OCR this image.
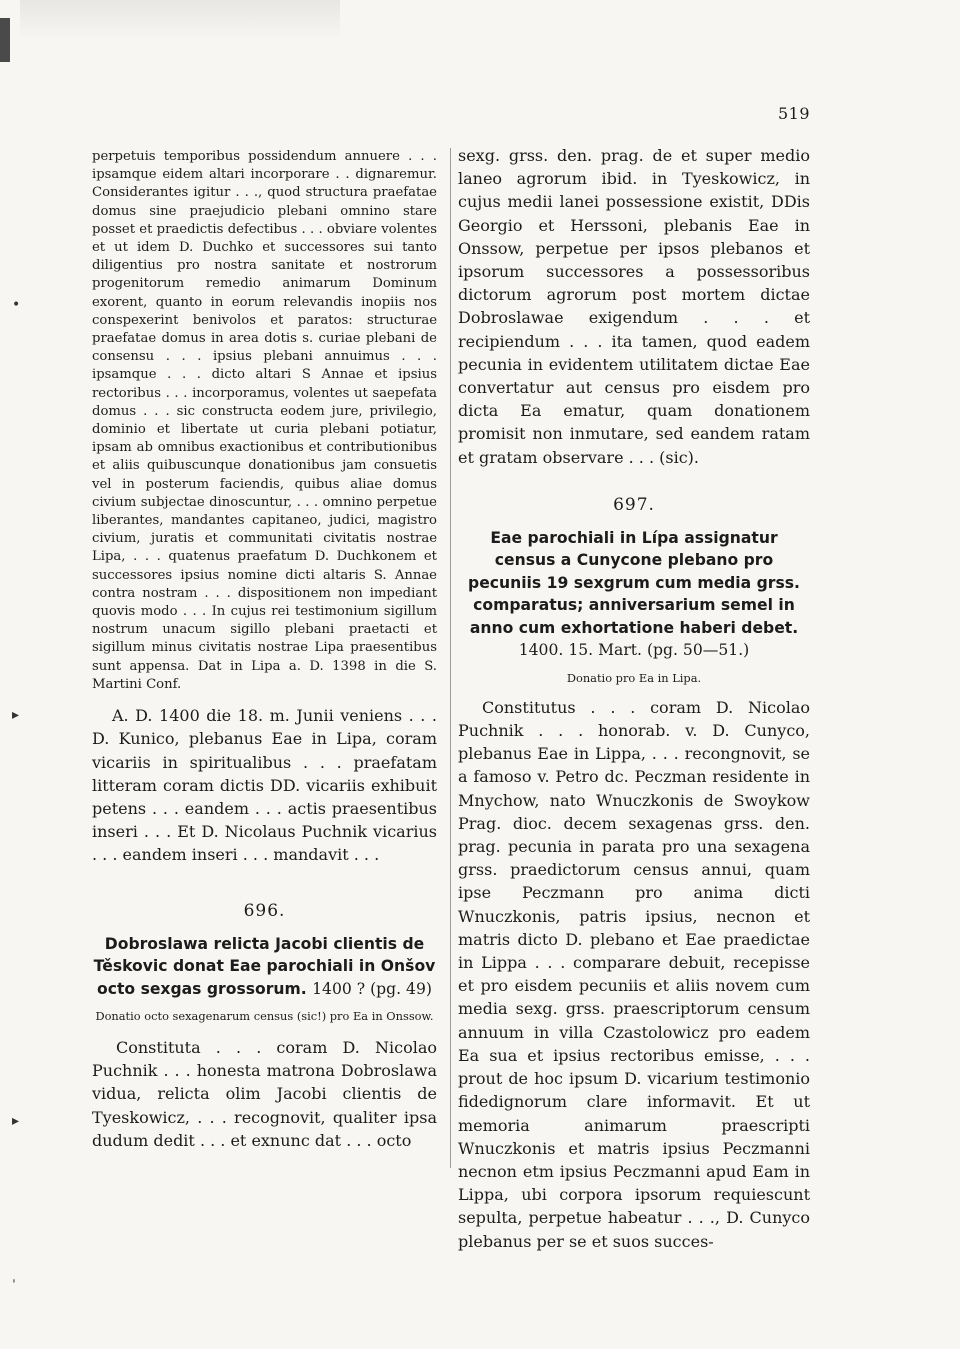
519
•
▸
▸
ˈ

perpetuis temporibus possidendum annuere . . . ipsamque eidem altari incorporare . . dignaremur. Considerantes igitur . . ., quod structura praefatae domus sine praejudicio plebani omnino stare posset et praedictis defectibus . . . obviare volentes et ut idem D. Duchko et successores sui tanto diligentius pro nostra sanitate et nostrorum progenitorum remedio animarum Dominum exorent, quanto in eorum relevandis inopiis nos conspexerint benivolos et paratos: structurae praefatae domus in area dotis s. curiae plebani de consensu . . . ipsius plebani annuimus . . . ipsamque . . . dicto altari S Annae et ipsius rectoribus . . . incorporamus, volentes ut saepefata domus . . . sic constructa eodem jure, privilegio, dominio et libertate ut curia plebani potiatur, ipsam ab omnibus exactionibus et contributionibus et aliis quibuscunque donationibus jam consuetis vel in posterum faciendis, quibus aliae domus civium subjectae dinoscuntur, . . . omnino perpetue liberantes, mandantes capitaneo, judici, magistro civium, juratis et communitati civitatis nostrae Lipa, . . . quatenus praefatum D. Duchkonem et successores ipsius nomine dicti altaris S. Annae contra nostram . . . dispositionem non impediant quovis modo . . . In cujus rei testimonium sigillum nostrum unacum sigillo plebani praetacti et sigillum minus civitatis nostrae Lipa praesentibus sunt appensa. Dat in Lipa a. D. 1398 in die S. Martini Conf.

A. D. 1400 die 18. m. Junii veniens . . . D. Kunico, plebanus Eae in Lipa, coram vicariis in spiritualibus . . . praefatam litteram coram dictis DD. vicariis exhibuit petens . . . eandem . . . actis praesentibus inseri . . . Et D. Nicolaus Puchnik vicarius . . . eandem inseri . . . mandavit . . .

696.

Dobroslawa relicta Jacobi clientis de Těskovic donat Eae parochiali in Onšov octo sexgas grossorum. 1400 ? (pg. 49)

Donatio octo sexagenarum census (sic!) pro Ea in Onssow.

Constituta . . . coram D. Nicolao Puchnik . . . honesta matrona Dobroslawa vidua, relicta olim Jacobi clientis de Tyeskowicz, . . . recognovit, qualiter ipsa dudum dedit . . . et exnunc dat . . . octo

sexg. grss. den. prag. de et super medio laneo agrorum ibid. in Tyeskowicz, in cujus medii lanei possessione existit, DDis Georgio et Herssoni, plebanis Eae in Onssow, perpetue per ipsos plebanos et ipsorum successores a possessoribus dictorum agrorum post mortem dictae Dobroslawae exigendum . . . et recipiendum . . . ita tamen, quod eadem pecunia in evidentem utilitatem dictae Eae convertatur aut census pro eisdem pro dicta Ea ematur, quam donationem promisit non inmutare, sed eandem ratam et gratam observare . . . (sic).

697.

Eae parochiali in Lípa assignatur census a Cunycone plebano pro pecuniis 19 sexgrum cum media grss. comparatus; anniversarium semel in anno cum exhortatione haberi debet. 1400. 15. Mart. (pg. 50—51.)

Donatio pro Ea in Lipa.

Constitutus . . . coram D. Nicolao Puchnik . . . honorab. v. D. Cunyco, plebanus Eae in Lippa, . . . recongnovit, se a famoso v. Petro dc. Peczman residente in Mnychow, nato Wnuczkonis de Swoykow Prag. dioc. decem sexagenas grss. den. prag. pecunia in parata pro una sexagena grss. praedictorum census annui, quam ipse Peczmann pro anima dicti Wnuczkonis, patris ipsius, necnon et matris dicto D. plebano et Eae praedictae in Lippa . . . comparare debuit, recepisse et pro eisdem pecuniis et aliis novem cum media sexg. grss. praescriptorum censum annuum in villa Czastolowicz pro eadem Ea sua et ipsius rectoribus emisse, . . . prout de hoc ipsum D. vicarium testimonio fidedignorum clare informavit. Et ut memoria animarum praescripti Wnuczkonis et matris ipsius Peczmanni necnon etm ipsius Peczmanni apud Eam in Lippa, ubi corpora ipsorum requiescunt sepulta, perpetue habeatur . . ., D. Cunyco plebanus per se et suos succes-
